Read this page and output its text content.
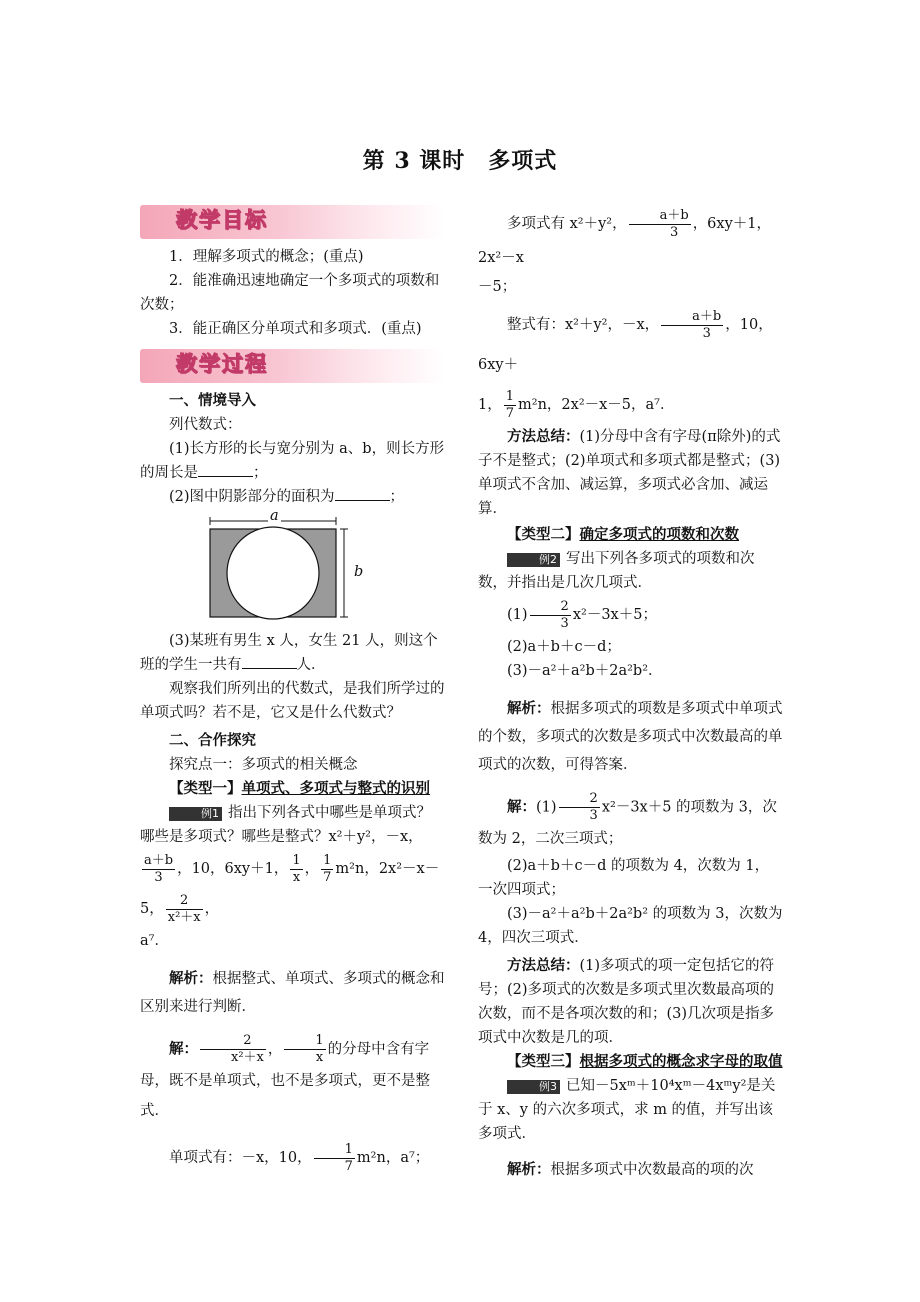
第 3 课时　多项式
教学目标

1．理解多项式的概念；(重点)

2．能准确迅速地确定一个多项式的项数和次数；

3．能正确区分单项式和多项式．(重点)

教学过程

一、情境导入

列代数式：

(1)长方形的长与宽分别为 a、b，则长方形的周长是	；

(2)图中阴影部分的面积为	；

a
b

(3)某班有男生 x 人，女生 21 人，则这个班的学生一共有	人．

观察我们所列出的代数式，是我们所学过的单项式吗？若不是，它又是什么代数式？

二、合作探究

探究点一：多项式的相关概念

【类型一】单项式、多项式与整式的识别

例1 指出下列各式中哪些是单项式？哪些是多项式？哪些是整式？x²＋y²，－x，

$\frac{a+b}{3}$ ，10，6xy＋1， $\frac{1}{x}$ ， $\frac{1}{7} m^2n$，2x²－x－5， $\frac{2}{\text{x²＋x}}$ ，

a⁷．

解析：根据整式、单项式、多项式的概念和区别来进行判断．

解： $\frac{2}{\text{x²＋x}}$ ， $\frac{1}{x}$ 的分母中含有字母，既不是单项式，也不是多项式，更不是整式．

单项式有：－x，10， $\frac{1}{7} m^2n$，a⁷；

多项式有 x²＋y²， $\frac{a+b}{3}$ ，6xy＋1，2x²－x

－5；

整式有：x²＋y²，－x， $\frac{a+b}{3}$ ，10，6xy＋

1， $\frac{1}{7} m^2n$，2x²－x－5，a⁷．

方法总结：(1)分母中含有字母(π除外)的式子不是整式；(2)单项式和多项式都是整式；(3)单项式不含加、减运算，多项式必含加、减运算．

【类型二】确定多项式的项数和次数

例2 写出下列各多项式的项数和次数，并指出是几次几项式．

$(1) \frac{2}{3} x^2-3x+5$；

(2)a＋b＋c－d；

(3)－a²＋a²b＋2a²b²．

解析：根据多项式的项数是多项式中单项式的个数，多项式的次数是多项式中次数最高的单项式的次数，可得答案．

解：$(1) \frac{2}{3} x^2-3x+5$ 的项数为 3，次数为 2，二次三项式；

(2)a＋b＋c－d 的项数为 4，次数为 1，一次四项式；

(3)－a²＋a²b＋2a²b² 的项数为 3，次数为 4，四次三项式．

方法总结：(1)多项式的项一定包括它的符号；(2)多项式的次数是多项式里次数最高项的次数，而不是各项次数的和；(3)几次项是指多项式中次数是几的项．

【类型三】根据多项式的概念求字母的取值

例3 已知－5xᵐ＋10⁴xᵐ－4xᵐy²是关于 x、y 的六次多项式，求 m 的值，并写出该多项式．

解析：根据多项式中次数最高的项的次
